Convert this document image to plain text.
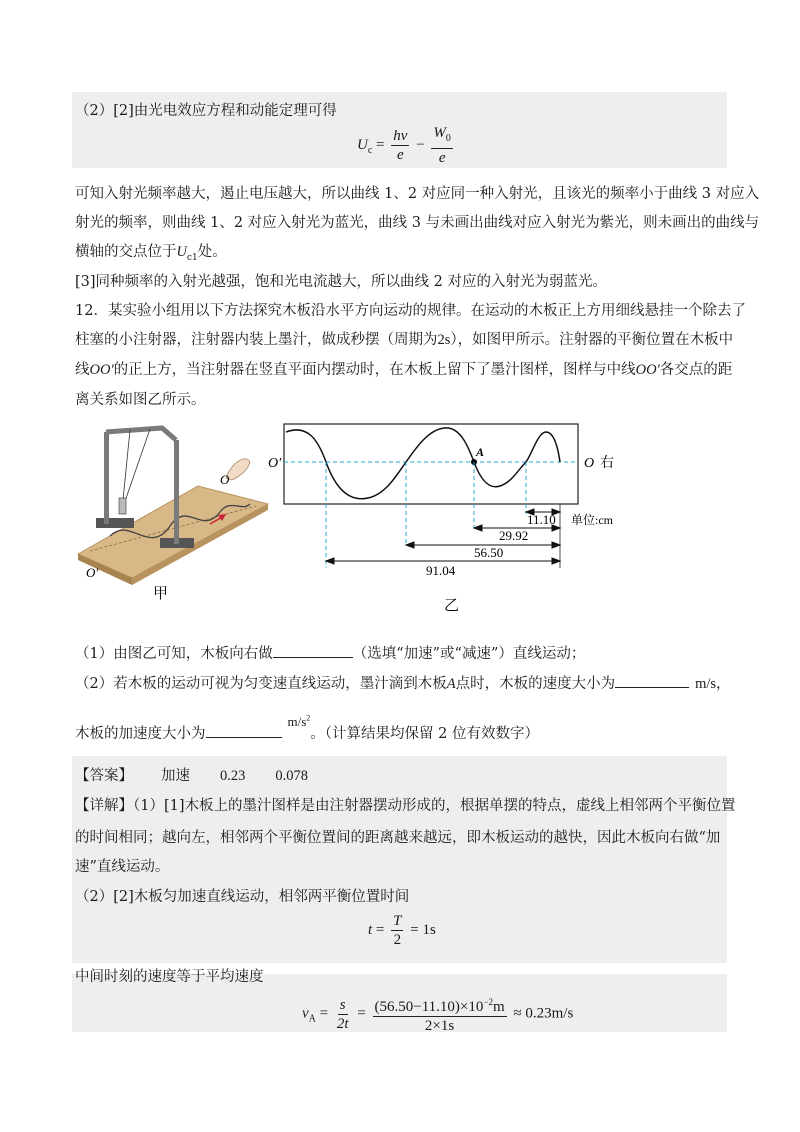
（2）[2]由光电效应方程和动能定理可得
$U_c = \frac{h\nu}{e} - \frac{W_0}{e}$
可知入射光频率越大，遏止电压越大，所以曲线 1、2 对应同一种入射光，且该光的频率小于曲线 3 对应入
射光的频率，则曲线 1、2 对应入射光为蓝光，曲线 3 与未画出曲线对应入射光为紫光，则未画出的曲线与
横轴的交点位于$U_{c1}$处。
[3]同种频率的入射光越强，饱和光电流越大，所以曲线 2 对应的入射光为弱蓝光。
12．某实验小组用以下方法探究木板沿水平方向运动的规律。在运动的木板正上方用细线悬挂一个除去了
柱塞的小注射器，注射器内装上墨汁，做成秒摆（周期为2s），如图甲所示。注射器的平衡位置在木板中
线OO′的正上方，当注射器在竖直平面内摆动时，在木板上留下了墨汁图样，图样与中线OO′各交点的距
离关系如图乙所示。
O
O′
甲
O′
A
O 右
单位:cm
11.10
29.92
56.50
91.04
乙
（1）由图乙可知，木板向右做	（选填“加速”或“减速”）直线运动；
（2）若木板的运动可视为匀变速直线运动，墨汁滴到木板A点时，木板的速度大小为	m/s，
木板的加速度大小为$m/s^2$。（计算结果均保留 2 位有效数字）
【答案】 加速 0.23 0.078
【详解】（1）[1]木板上的墨汁图样是由注射器摆动形成的，根据单摆的特点，虚线上相邻两个平衡位置
的时间相同；越向左，相邻两个平衡位置间的距离越来越远，即木板运动的越快，因此木板向右做“加
速”直线运动。
（2）[2]木板匀加速直线运动，相邻两平衡位置时间
$t = \frac{T}{2} = 1s$
中间时刻的速度等于平均速度
$v_A = \frac{s}{2t} = \frac{(56.50-11.10)\times 10^{-2}m}{2\times 1s} \approx 0.23m/s$
